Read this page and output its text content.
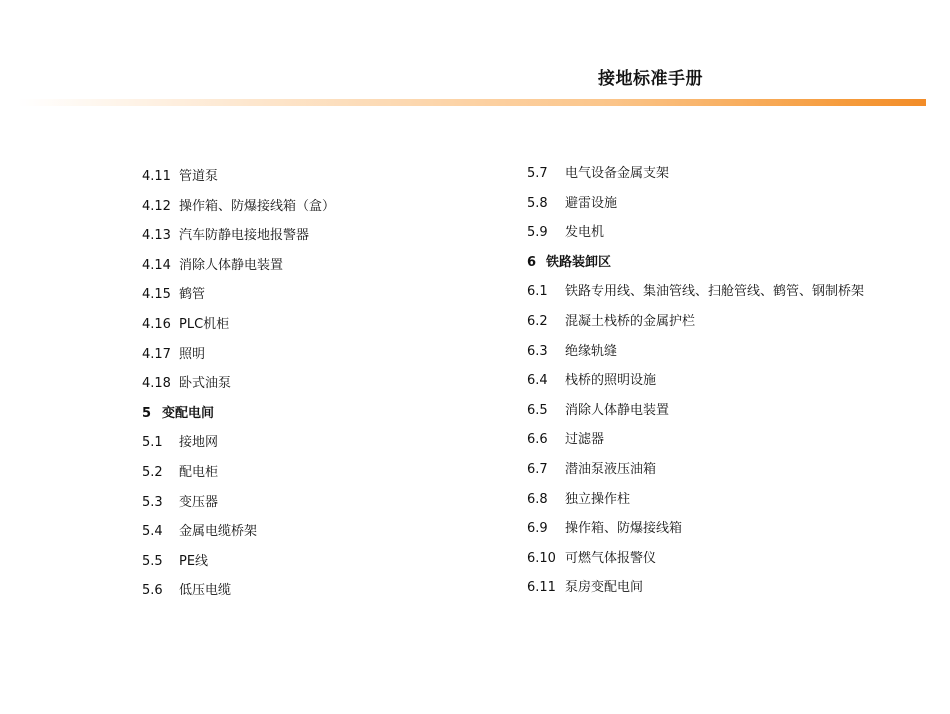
接地标准手册
4.11 管道泵
4.12 操作箱、防爆接线箱（盒）
4.13 汽车防静电接地报警器
4.14 消除人体静电装置
4.15 鹤管
4.16 PLC机柜
4.17 照明
4.18 卧式油泵
5 变配电间
5.1 接地网
5.2 配电柜
5.3 变压器
5.4 金属电缆桥架
5.5 PE线
5.6 低压电缆
5.7 电气设备金属支架
5.8 避雷设施
5.9 发电机
6 铁路装卸区
6.1 铁路专用线、集油管线、扫舱管线、鹤管、钢制桥架
6.2 混凝土栈桥的金属护栏
6.3 绝缘轨缝
6.4 栈桥的照明设施
6.5 消除人体静电装置
6.6 过滤器
6.7 潜油泵液压油箱
6.8 独立操作柱
6.9 操作箱、防爆接线箱
6.10 可燃气体报警仪
6.11 泵房变配电间
